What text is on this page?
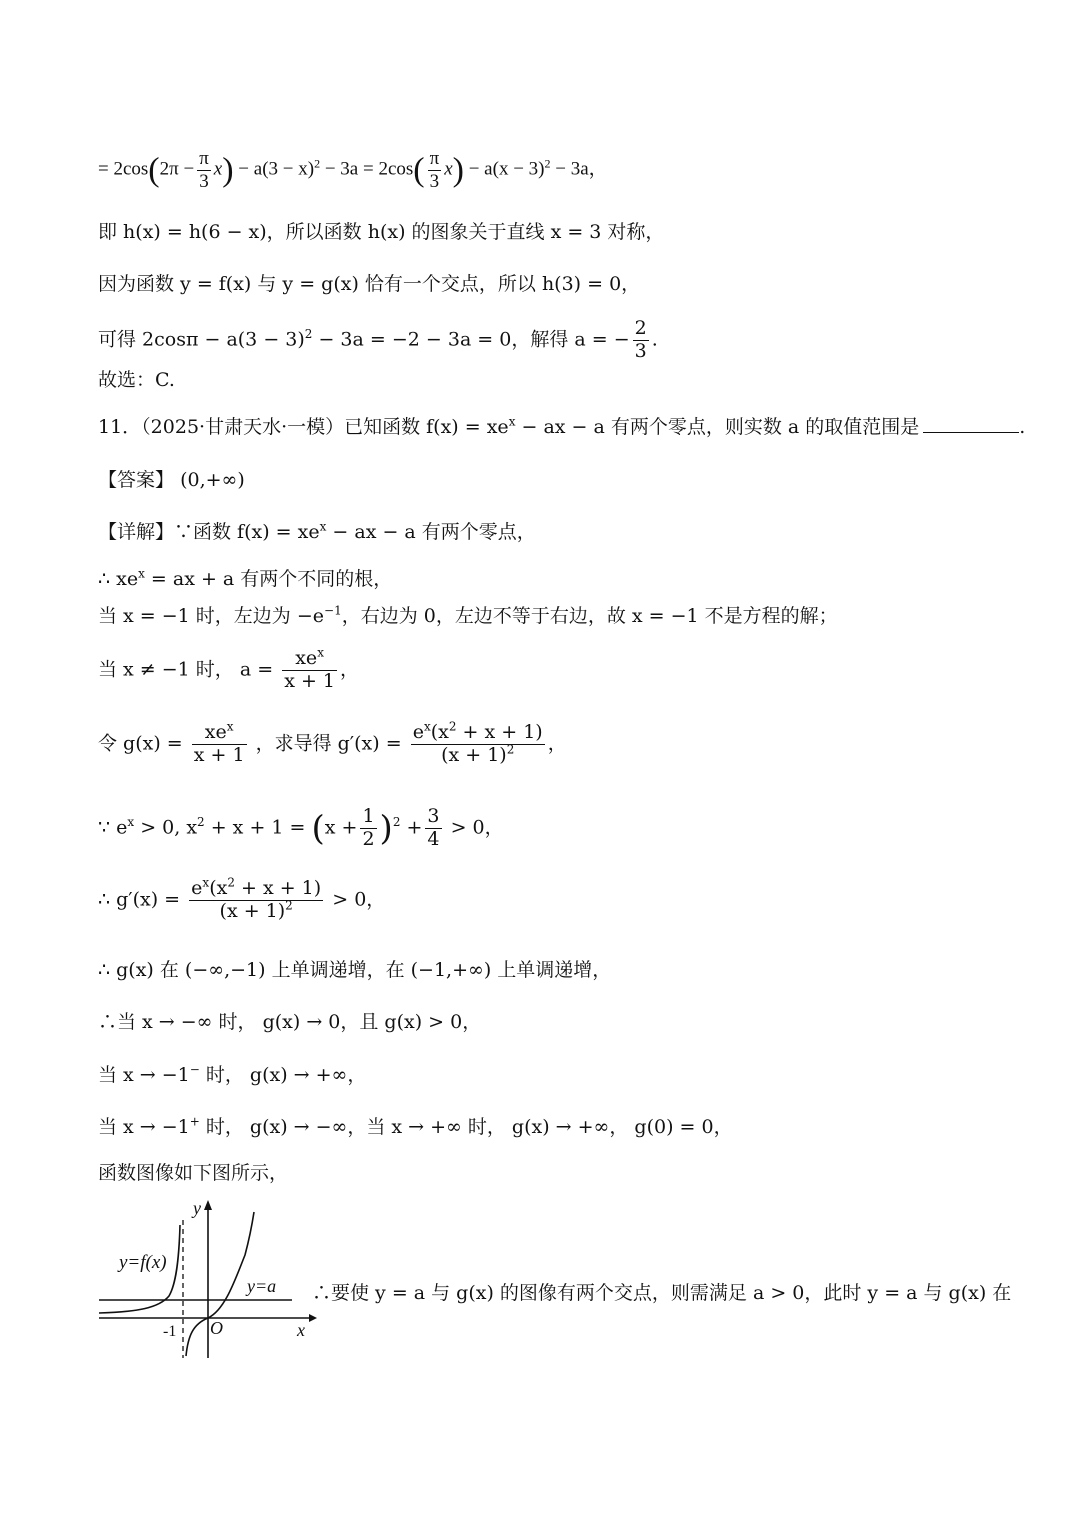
= $2\cos(2\pi - \frac{\pi}{3} x) - a(3 - x)^2 - 3a = 2\cos( \frac{\pi}{3} x) - a(x - 3)^2 - 3a$，
即 h(x) = h(6 − x)，所以函数 h(x) 的图象关于直线 x = 3 对称，
因为函数 y = f(x) 与 y = g(x) 恰有一个交点，所以 h(3) = 0，
可得 $2\cos\pi - a(3 - 3)^2 - 3a = -2 - 3a = 0$，解得 a = − $\frac{2}{3}$ .
故选：C.
11．（2025·甘肃天水·一模）已知函数 $f(x) = xe^x$ − ax − a 有两个零点，则实数 a 的取值范围是	.
【答案】 (0,+∞)
【详解】∵函数 $f(x) = xe^x$ − ax − a 有两个零点，
∴ $xe^x$ = ax + a 有两个不同的根，
当 x = −1 时，左边为 $-e^{-1}$，右边为 0，左边不等于右边，故 x = −1 不是方程的解；
当 x ≠ −1 时， $a = \frac{xe^x}{x + 1}$ ，
令 $g(x) = \frac{xe^x}{x + 1}$ ，求导得 $g'(x) = \frac{e^x(x^2 + x + 1)}{(x + 1)^2}$ ，
∵ $e^x > 0$, $x^2 + x + 1 = (x + \frac{1}{2} )^2 + \frac{3}{4} > 0$，
∴ $g'(x) = \frac{e^x(x^2 + x + 1)}{(x + 1)^2} > 0$，
∴ g(x) 在 (−∞,−1) 上单调递增，在 (−1,+∞) 上单调递增，
∴当 x → −∞ 时， g(x) → 0，且 g(x) > 0，
当 x → −1− 时， g(x) → +∞，
当 x → −1+ 时， g(x) → −∞，当 x → +∞ 时， g(x) → +∞， g(0) = 0，
函数图像如下图所示，
y
x
O
-1
y=f(x)
y=a ∴要使 y = a 与 g(x) 的图像有两个交点，则需满足 a > 0，此时 y = a 与 g(x) 在
